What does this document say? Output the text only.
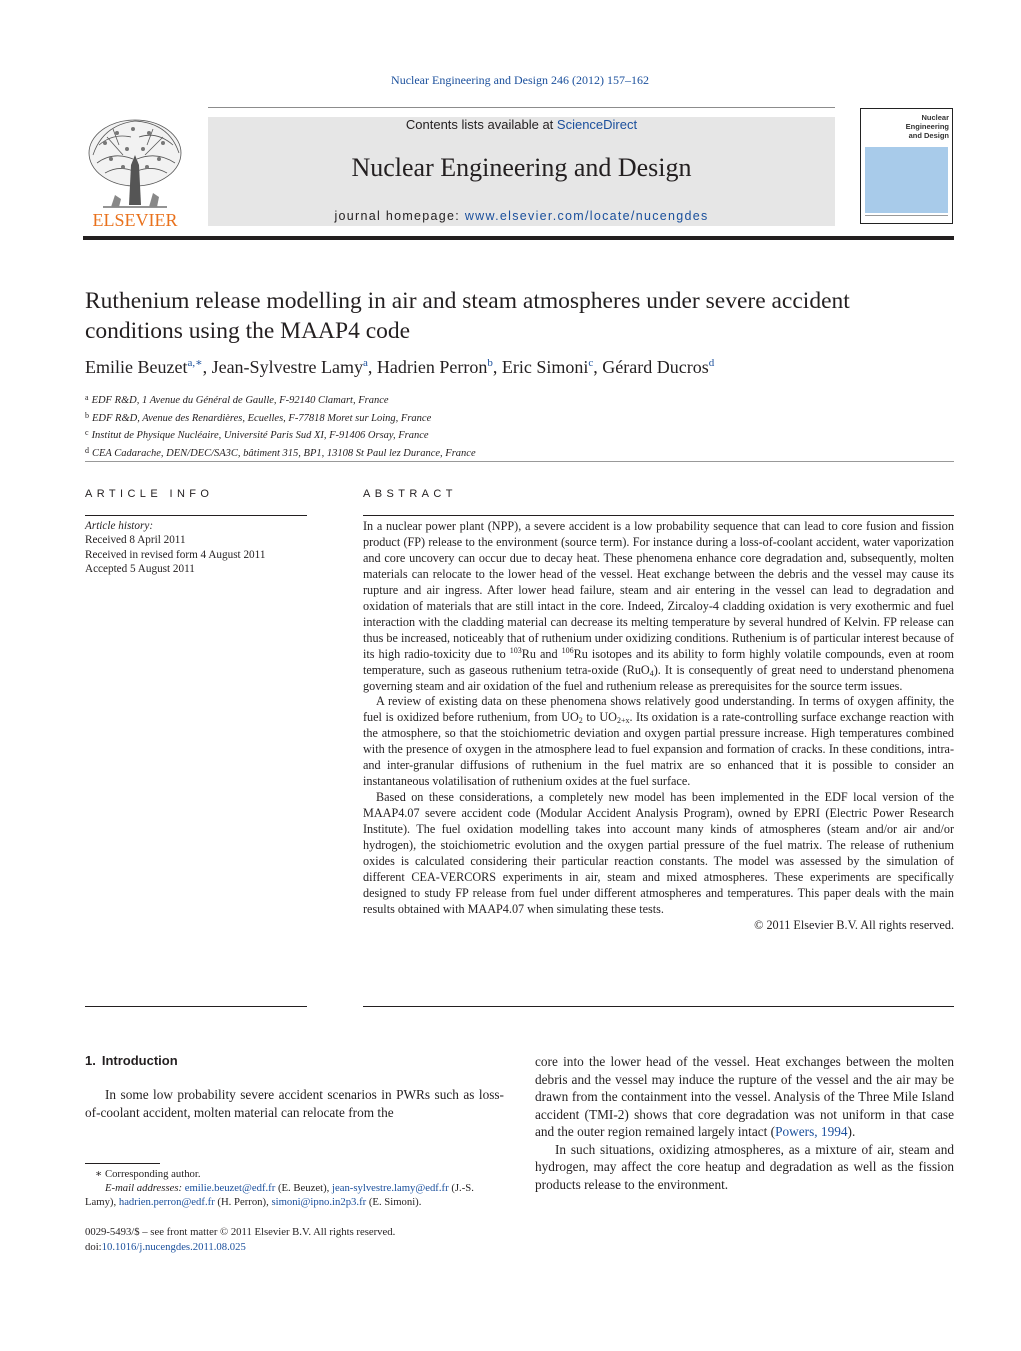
Nuclear Engineering and Design 246 (2012) 157–162
ELSEVIER
Contents lists available at ScienceDirect
Nuclear Engineering and Design
journal homepage: www.elsevier.com/locate/nucengdes
Nuclear Engineering
and Design
Ruthenium release modelling in air and steam atmospheres under severe accident conditions using the MAAP4 code
Emilie Beuzet$^{a,∗}$, Jean-Sylvestre Lamy$^a$, Hadrien Perron$^b$, Eric Simoni$^c$, Gérard Ducros$^d$
$^a$ EDF R&D, 1 Avenue du Général de Gaulle, F-92140 Clamart, France
$^b$ EDF R&D, Avenue des Renardières, Ecuelles, F-77818 Moret sur Loing, France
$^c$ Institut de Physique Nucléaire, Université Paris Sud XI, F-91406 Orsay, France
$^d$ CEA Cadarache, DEN/DEC/SA3C, bâtiment 315, BP1, 13108 St Paul lez Durance, France
ARTICLE INFO
Article history:
Received 8 April 2011
Received in revised form 4 August 2011
Accepted 5 August 2011
ABSTRACT

In a nuclear power plant (NPP), a severe accident is a low probability sequence that can lead to core fusion and fission product (FP) release to the environment (source term). For instance during a loss-of-coolant accident, water vaporization and core uncovery can occur due to decay heat. These phenomena enhance core degradation and, subsequently, molten materials can relocate to the lower head of the vessel. Heat exchange between the debris and the vessel may cause its rupture and air ingress. After lower head failure, steam and air entering in the vessel can lead to degradation and oxidation of materials that are still intact in the core. Indeed, Zircaloy-4 cladding oxidation is very exothermic and fuel interaction with the cladding material can decrease its melting temperature by several hundred of Kelvin. FP release can thus be increased, noticeably that of ruthenium under oxidizing conditions. Ruthenium is of particular interest because of its high radio-toxicity due to $^{103}$Ru and $^{106}$Ru isotopes and its ability to form highly volatile compounds, even at room temperature, such as gaseous ruthenium tetra-oxide (RuO$_4$). It is consequently of great need to understand phenomena governing steam and air oxidation of the fuel and ruthenium release as prerequisites for the source term issues.

A review of existing data on these phenomena shows relatively good understanding. In terms of oxygen affinity, the fuel is oxidized before ruthenium, from $UO_2$ to $UO_{2+x}$. Its oxidation is a rate-controlling surface exchange reaction with the atmosphere, so that the stoichiometric deviation and oxygen partial pressure increase. High temperatures combined with the presence of oxygen in the atmosphere lead to fuel expansion and formation of cracks. In these conditions, intra- and inter-granular diffusions of ruthenium in the fuel matrix are so enhanced that it is possible to consider an instantaneous volatilisation of ruthenium oxides at the fuel surface.

Based on these considerations, a completely new model has been implemented in the EDF local version of the MAAP4.07 severe accident code (Modular Accident Analysis Program), owned by EPRI (Electric Power Research Institute). The fuel oxidation modelling takes into account many kinds of atmospheres (steam and/or air and/or hydrogen), the stoichiometric evolution and the oxygen partial pressure of the fuel matrix. The release of ruthenium oxides is calculated considering their particular reaction constants. The model was assessed by the simulation of different CEA-VERCORS experiments in air, steam and mixed atmospheres. These experiments are specifically designed to study FP release from fuel under different atmospheres and temperatures. This paper deals with the main results obtained with MAAP4.07 when simulating these tests.

© 2011 Elsevier B.V. All rights reserved.

1. Introduction

In some low probability severe accident scenarios in PWRs such as loss-of-coolant accident, molten material can relocate from the

core into the lower head of the vessel. Heat exchanges between the molten debris and the vessel may induce the rupture of the vessel and the air may be drawn from the containment into the vessel. Analysis of the Three Mile Island accident (TMI-2) shows that core degradation was not uniform in that case and the outer region remained largely intact (Powers, 1994).

In such situations, oxidizing atmospheres, as a mixture of air, steam and hydrogen, may affect the core heatup and degradation as well as the fission products release to the environment.

∗ Corresponding author.
E-mail addresses: emilie.beuzet@edf.fr (E. Beuzet), jean-sylvestre.lamy@edf.fr (J.-S. Lamy), hadrien.perron@edf.fr (H. Perron), simoni@ipno.in2p3.fr (E. Simoni).
0029-5493/$ – see front matter © 2011 Elsevier B.V. All rights reserved.
doi:10.1016/j.nucengdes.2011.08.025
